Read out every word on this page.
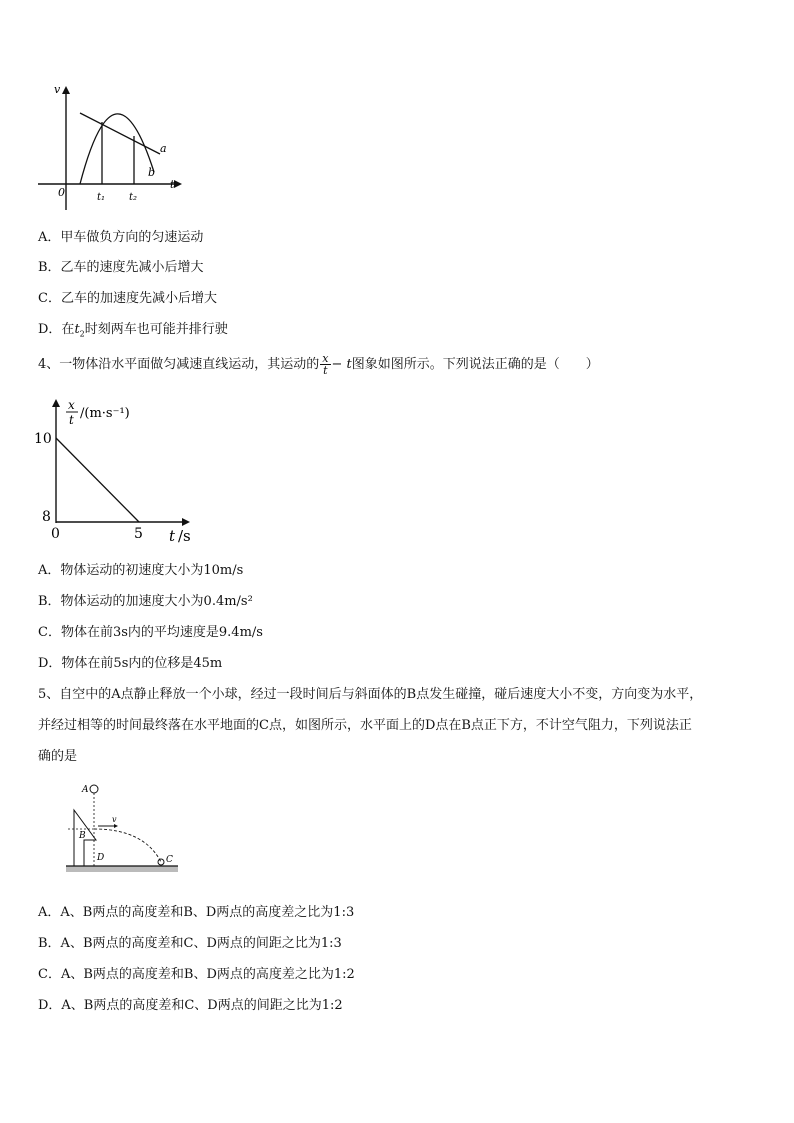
v
0
t
t₁ t₂
a
b
A．甲车做负方向的匀速运动
B．乙车的速度先减小后增大
C．乙车的加速度先减小后增大
D．在$t_2$时刻两车也可能并排行驶
4、一物体沿水平面做匀减速直线运动，其运动的 $\frac{x}{t} - t$图象如图所示。下列说法正确的是（　　）
x
t /(m·s⁻¹)
10
8
0	5 t /s
A．物体运动的初速度大小为10m/s
B．物体运动的加速度大小为0.4m/s²
C．物体在前3s内的平均速度是9.4m/s
D．物体在前5s内的位移是45m
5、自空中的A点静止释放一个小球，经过一段时间后与斜面体的B点发生碰撞，碰后速度大小不变，方向变为水平，
并经过相等的时间最终落在水平地面的C点，如图所示，水平面上的D点在B点正下方，不计空气阻力，下列说法正
确的是
A
B
D	C
v
A．A、B两点的高度差和B、D两点的高度差之比为1:3
B．A、B两点的高度差和C、D两点的间距之比为1:3
C．A、B两点的高度差和B、D两点的高度差之比为1:2
D．A、B两点的高度差和C、D两点的间距之比为1:2
